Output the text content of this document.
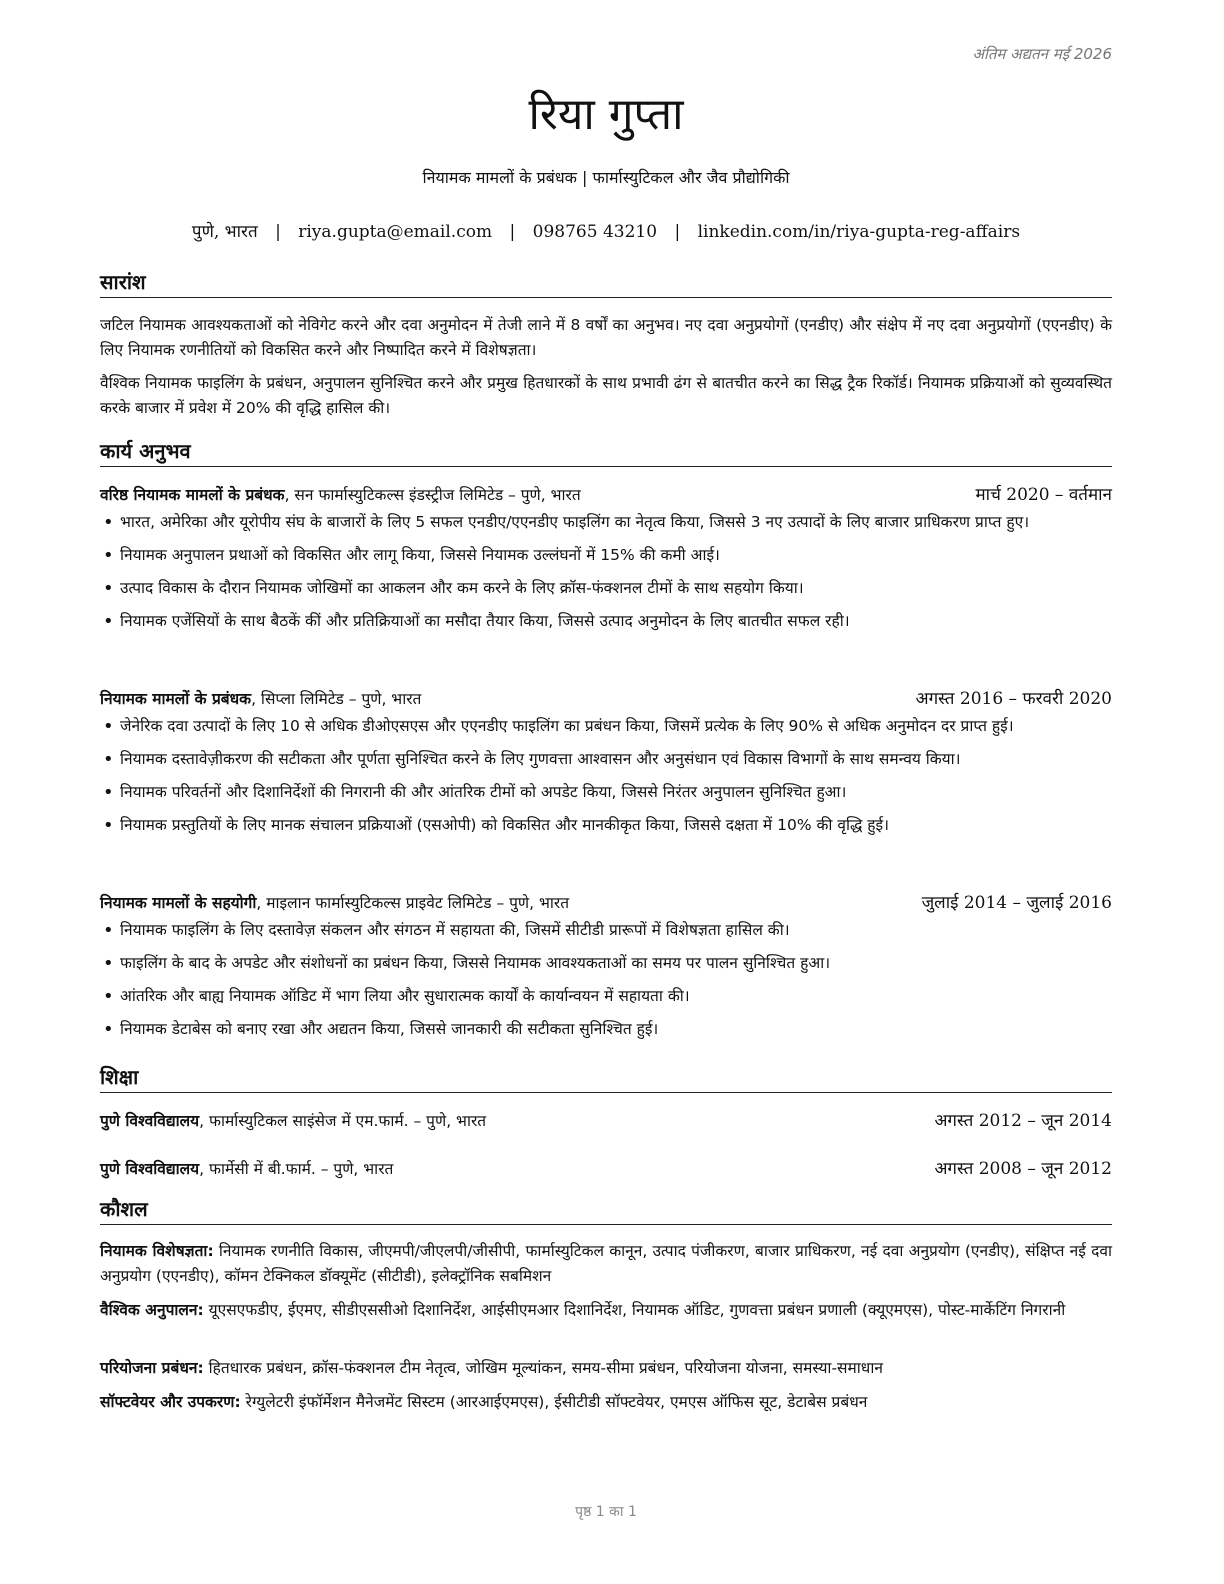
अंतिम अद्यतन मई 2026
रिया गुप्ता
नियामक मामलों के प्रबंधक | फार्मास्युटिकल और जैव प्रौद्योगिकी
पुणे, भारत | riya.gupta@email.com | 098765 43210 | linkedin.com/in/riya-gupta-reg-affairs
सारांश
जटिल नियामक आवश्यकताओं को नेविगेट करने और दवा अनुमोदन में तेजी लाने में 8 वर्षों का अनुभव। नए दवा अनुप्रयोगों (एनडीए) और संक्षेप में नए दवा अनुप्रयोगों (एएनडीए) के लिए नियामक रणनीतियों को विकसित करने और निष्पादित करने में विशेषज्ञता।
वैश्विक नियामक फाइलिंग के प्रबंधन, अनुपालन सुनिश्चित करने और प्रमुख हितधारकों के साथ प्रभावी ढंग से बातचीत करने का सिद्ध ट्रैक रिकॉर्ड। नियामक प्रक्रियाओं को सुव्यवस्थित करके बाजार में प्रवेश में 20% की वृद्धि हासिल की।
कार्य अनुभव
वरिष्ठ नियामक मामलों के प्रबंधक, सन फार्मास्युटिकल्स इंडस्ट्रीज लिमिटेड – पुणे, भारत	मार्च 2020 – वर्तमान
• भारत, अमेरिका और यूरोपीय संघ के बाजारों के लिए 5 सफल एनडीए/एएनडीए फाइलिंग का नेतृत्व किया, जिससे 3 नए उत्पादों के लिए बाजार प्राधिकरण प्राप्त हुए।
• नियामक अनुपालन प्रथाओं को विकसित और लागू किया, जिससे नियामक उल्लंघनों में 15% की कमी आई।
• उत्पाद विकास के दौरान नियामक जोखिमों का आकलन और कम करने के लिए क्रॉस-फंक्शनल टीमों के साथ सहयोग किया।
• नियामक एजेंसियों के साथ बैठकें कीं और प्रतिक्रियाओं का मसौदा तैयार किया, जिससे उत्पाद अनुमोदन के लिए बातचीत सफल रही।
नियामक मामलों के प्रबंधक, सिप्ला लिमिटेड – पुणे, भारत	अगस्त 2016 – फरवरी 2020
• जेनेरिक दवा उत्पादों के लिए 10 से अधिक डीओएसएस और एएनडीए फाइलिंग का प्रबंधन किया, जिसमें प्रत्येक के लिए 90% से अधिक अनुमोदन दर प्राप्त हुई।
• नियामक दस्तावेज़ीकरण की सटीकता और पूर्णता सुनिश्चित करने के लिए गुणवत्ता आश्वासन और अनुसंधान एवं विकास विभागों के साथ समन्वय किया।
• नियामक परिवर्तनों और दिशानिर्देशों की निगरानी की और आंतरिक टीमों को अपडेट किया, जिससे निरंतर अनुपालन सुनिश्चित हुआ।
• नियामक प्रस्तुतियों के लिए मानक संचालन प्रक्रियाओं (एसओपी) को विकसित और मानकीकृत किया, जिससे दक्षता में 10% की वृद्धि हुई।
नियामक मामलों के सहयोगी, माइलान फार्मास्युटिकल्स प्राइवेट लिमिटेड – पुणे, भारत	जुलाई 2014 – जुलाई 2016
• नियामक फाइलिंग के लिए दस्तावेज़ संकलन और संगठन में सहायता की, जिसमें सीटीडी प्रारूपों में विशेषज्ञता हासिल की।
• फाइलिंग के बाद के अपडेट और संशोधनों का प्रबंधन किया, जिससे नियामक आवश्यकताओं का समय पर पालन सुनिश्चित हुआ।
• आंतरिक और बाह्य नियामक ऑडिट में भाग लिया और सुधारात्मक कार्यों के कार्यान्वयन में सहायता की।
• नियामक डेटाबेस को बनाए रखा और अद्यतन किया, जिससे जानकारी की सटीकता सुनिश्चित हुई।
शिक्षा
पुणे विश्वविद्यालय, फार्मास्युटिकल साइंसेज में एम.फार्म. – पुणे, भारत	अगस्त 2012 – जून 2014
पुणे विश्वविद्यालय, फार्मेसी में बी.फार्म. – पुणे, भारत	अगस्त 2008 – जून 2012
कौशल
नियामक विशेषज्ञता: नियामक रणनीति विकास, जीएमपी/जीएलपी/जीसीपी, फार्मास्युटिकल कानून, उत्पाद पंजीकरण, बाजार प्राधिकरण, नई दवा अनुप्रयोग (एनडीए), संक्षिप्त नई दवा अनुप्रयोग (एएनडीए), कॉमन टेक्निकल डॉक्यूमेंट (सीटीडी), इलेक्ट्रॉनिक सबमिशन
वैश्विक अनुपालन: यूएसएफडीए, ईएमए, सीडीएससीओ दिशानिर्देश, आईसीएमआर दिशानिर्देश, नियामक ऑडिट, गुणवत्ता प्रबंधन प्रणाली (क्यूएमएस), पोस्ट-मार्केटिंग निगरानी
परियोजना प्रबंधन: हितधारक प्रबंधन, क्रॉस-फंक्शनल टीम नेतृत्व, जोखिम मूल्यांकन, समय-सीमा प्रबंधन, परियोजना योजना, समस्या-समाधान
सॉफ्टवेयर और उपकरण: रेग्युलेटरी इंफॉर्मेशन मैनेजमेंट सिस्टम (आरआईएमएस), ईसीटीडी सॉफ्टवेयर, एमएस ऑफिस सूट, डेटाबेस प्रबंधन
पृष्ठ 1 का 1
